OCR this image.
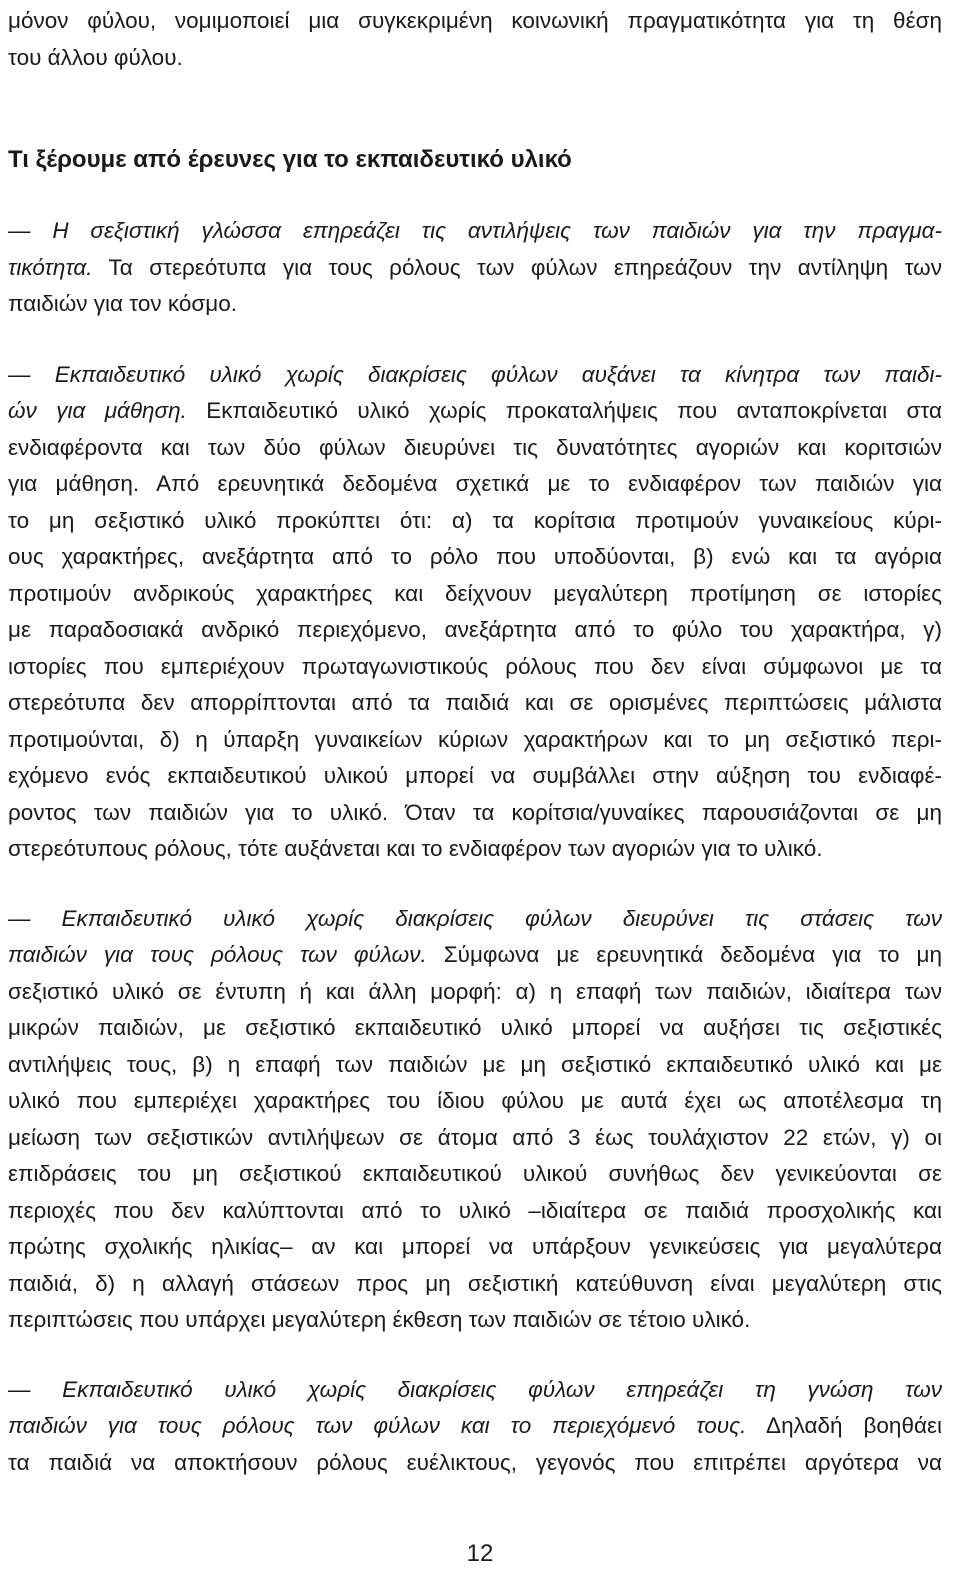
μόνον φύλου, νομιμοποιεί μια συγκεκριμένη κοινωνική πραγματικότητα για τη θέση
του άλλου φύλου.
Τι ξέρουμε από έρευνες για το εκπαιδευτικό υλικό
— Η σεξιστική γλώσσα επηρεάζει τις αντιλήψεις των παιδιών για την πραγμα-
τικότητα. Τα στερεότυπα για τους ρόλους των φύλων επηρεάζουν την αντίληψη των
παιδιών για τον κόσμο.
— Εκπαιδευτικό υλικό χωρίς διακρίσεις φύλων αυξάνει τα κίνητρα των παιδι-
ών για μάθηση. Εκπαιδευτικό υλικό χωρίς προκαταλήψεις που ανταποκρίνεται στα
ενδιαφέροντα και των δύο φύλων διευρύνει τις δυνατότητες αγοριών και κοριτσιών
για μάθηση. Από ερευνητικά δεδομένα σχετικά με το ενδιαφέρον των παιδιών για
το μη σεξιστικό υλικό προκύπτει ότι: α) τα κορίτσια προτιμούν γυναικείους κύρι-
ους χαρακτήρες, ανεξάρτητα από το ρόλο που υποδύονται, β) ενώ και τα αγόρια
προτιμούν ανδρικούς χαρακτήρες και δείχνουν μεγαλύτερη προτίμηση σε ιστορίες
με παραδοσιακά ανδρικό περιεχόμενο, ανεξάρτητα από το φύλο του χαρακτήρα, γ)
ιστορίες που εμπεριέχουν πρωταγωνιστικούς ρόλους που δεν είναι σύμφωνοι με τα
στερεότυπα δεν απορρίπτονται από τα παιδιά και σε ορισμένες περιπτώσεις μάλιστα
προτιμούνται, δ) η ύπαρξη γυναικείων κύριων χαρακτήρων και το μη σεξιστικό περι-
εχόμενο ενός εκπαιδευτικού υλικού μπορεί να συμβάλλει στην αύξηση του ενδιαφέ-
ροντος των παιδιών για το υλικό. Όταν τα κορίτσια/γυναίκες παρουσιάζονται σε μη
στερεότυπους ρόλους, τότε αυξάνεται και το ενδιαφέρον των αγοριών για το υλικό.
— Εκπαιδευτικό υλικό χωρίς διακρίσεις φύλων διευρύνει τις στάσεις των
παιδιών για τους ρόλους των φύλων. Σύμφωνα με ερευνητικά δεδομένα για το μη
σεξιστικό υλικό σε έντυπη ή και άλλη μορφή: α) η επαφή των παιδιών, ιδιαίτερα των
μικρών παιδιών, με σεξιστικό εκπαιδευτικό υλικό μπορεί να αυξήσει τις σεξιστικές
αντιλήψεις τους, β) η επαφή των παιδιών με μη σεξιστικό εκπαιδευτικό υλικό και με
υλικό που εμπεριέχει χαρακτήρες του ίδιου φύλου με αυτά έχει ως αποτέλεσμα τη
μείωση των σεξιστικών αντιλήψεων σε άτομα από 3 έως τουλάχιστον 22 ετών, γ) οι
επιδράσεις του μη σεξιστικού εκπαιδευτικού υλικού συνήθως δεν γενικεύονται σε
περιοχές που δεν καλύπτονται από το υλικό –ιδιαίτερα σε παιδιά προσχολικής και
πρώτης σχολικής ηλικίας– αν και μπορεί να υπάρξουν γενικεύσεις για μεγαλύτερα
παιδιά, δ) η αλλαγή στάσεων προς μη σεξιστική κατεύθυνση είναι μεγαλύτερη στις
περιπτώσεις που υπάρχει μεγαλύτερη έκθεση των παιδιών σε τέτοιο υλικό.
— Εκπαιδευτικό υλικό χωρίς διακρίσεις φύλων επηρεάζει τη γνώση των
παιδιών για τους ρόλους των φύλων και το περιεχόμενό τους. Δηλαδή βοηθάει
τα παιδιά να αποκτήσουν ρόλους ευέλικτους, γεγονός που επιτρέπει αργότερα να
12
